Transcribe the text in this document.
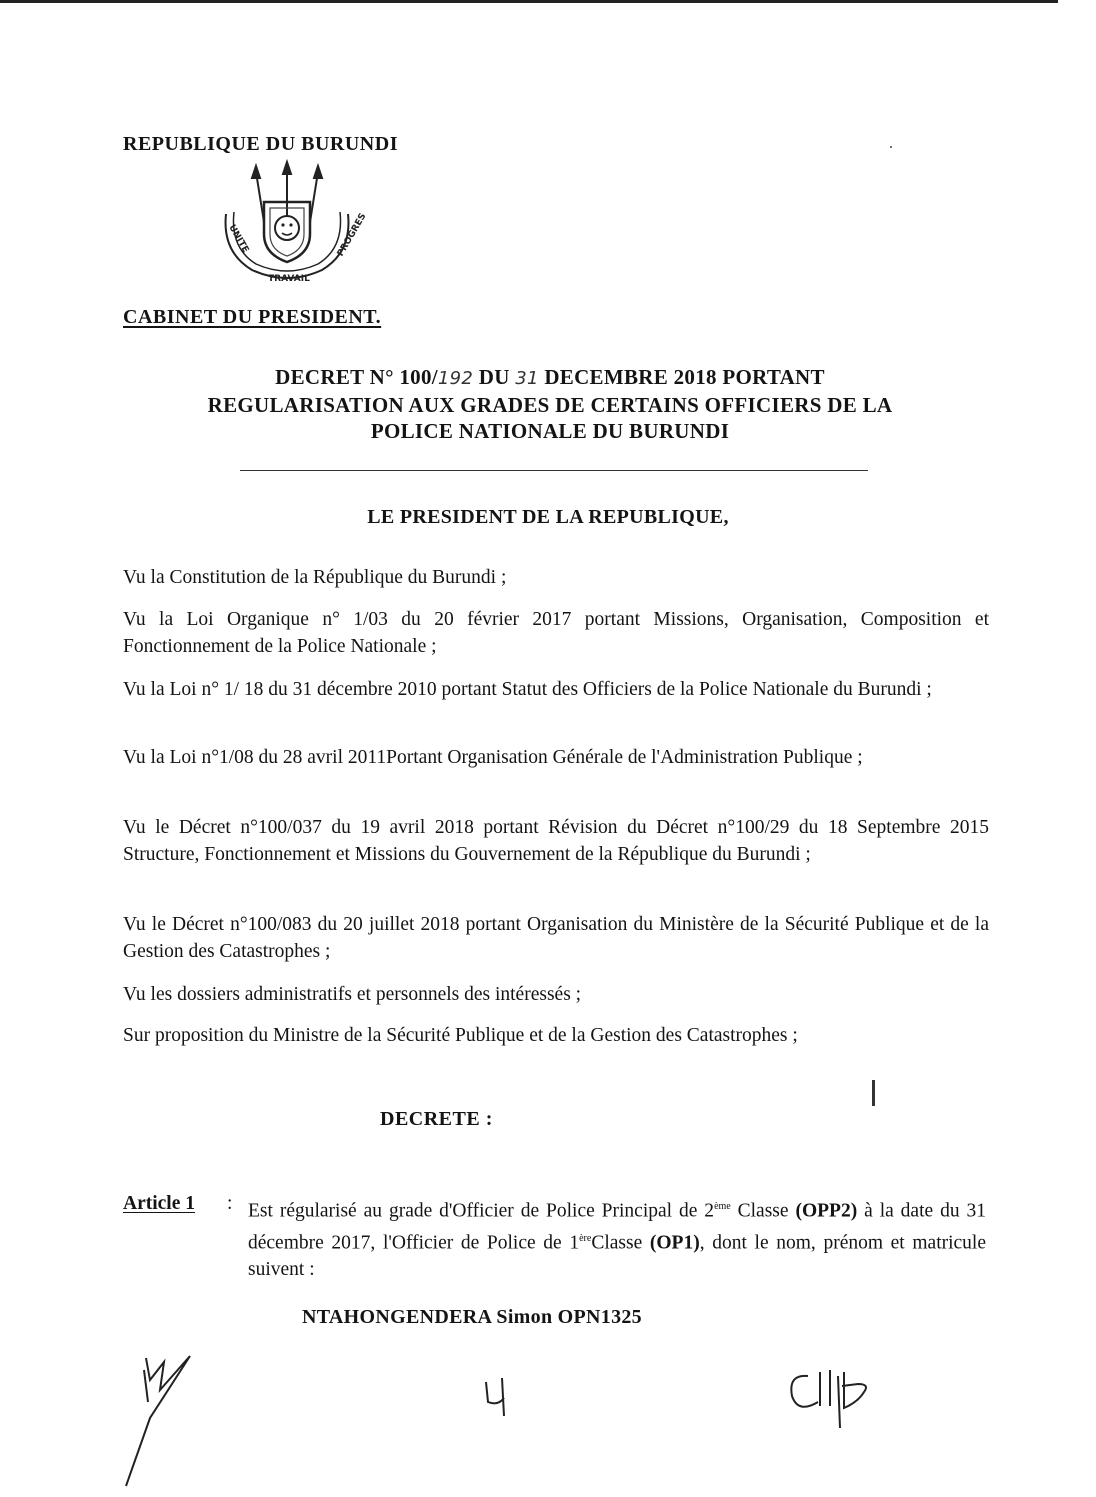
REPUBLIQUE DU BURUNDI
UNITE
TRAVAIL
PROGRES
CABINET DU PRESIDENT.
DECRET N° 100/192 DU 31 DECEMBRE 2018 PORTANT
REGULARISATION AUX GRADES DE CERTAINS OFFICIERS DE LA
POLICE NATIONALE DU BURUNDI
LE PRESIDENT DE LA REPUBLIQUE,
Vu la Constitution de la République du Burundi ;
Vu la Loi Organique n° 1/03 du 20 février 2017 portant Missions, Organisation, Composition et Fonctionnement de la Police Nationale ;
Vu la Loi n° 1/ 18 du 31 décembre 2010 portant Statut des Officiers de la Police Nationale du Burundi ;
Vu la Loi n°1/08 du 28 avril 2011Portant Organisation Générale de l'Administration Publique ;
Vu le Décret n°100/037 du 19 avril 2018 portant Révision du Décret n°100/29 du 18 Septembre 2015 Structure, Fonctionnement et Missions du Gouvernement de la République du Burundi ;
Vu le Décret n°100/083 du 20 juillet 2018 portant Organisation du Ministère de la Sécurité Publique et de la Gestion des Catastrophes ;
Vu les dossiers administratifs et personnels des intéressés ;
Sur proposition du Ministre de la Sécurité Publique et de la Gestion des Catastrophes ;
DECRETE :
Article 1 : Est régularisé au grade d'Officier de Police Principal de 2ème Classe (OPP2) à la date du 31 décembre 2017, l'Officier de Police de 1èreClasse (OP1), dont le nom, prénom et matricule suivent :
NTAHONGENDERA Simon OPN1325
